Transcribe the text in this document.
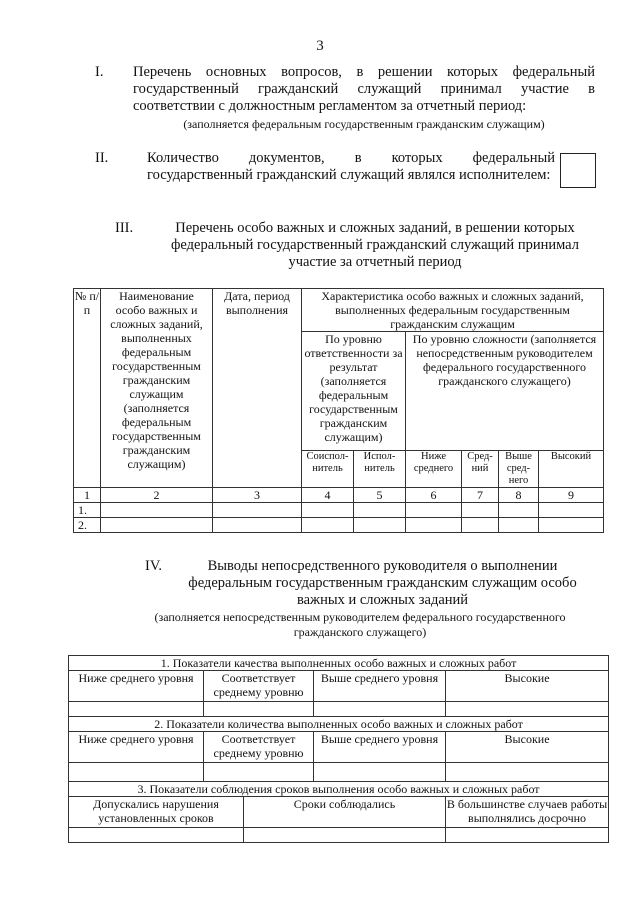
3
I. Перечень основных вопросов, в решении которых федеральный государственный гражданский служащий принимал участие в соответствии с должностным регламентом за отчетный период:
(заполняется федеральным государственным гражданским служащим)
II.	Количество документов, в которых федеральный государственный гражданский служащий являлся исполнителем:
III.	Перечень особо важных и сложных заданий, в решении которых федеральный государственный гражданский служащий принимал участие за отчетный период
№ п/п	Наименование особо важных и сложных заданий, выполненных федеральным государственным гражданским служащим (заполняется федеральным государственным гражданским служащим)	Дата, период выполнения	Характеристика особо важных и сложных заданий, выполненных федеральным государственным гражданским служащим					
			По уровню ответственности за результат (заполняется федеральным государственным гражданским служащим)		По уровню сложности (заполняется непосредственным руководителем федерального государственного гражданского служащего)			
			Соиспол-нитель	Испол-нитель	Ниже среднего	Сред-ний	Выше сред-него	Высокий
1	2	3	4	5	6	7	8	9
1.								
2.								
IV.	Выводы непосредственного руководителя о выполнении федеральным государственным гражданским служащим особо важных и сложных заданий
(заполняется непосредственным руководителем федерального государственного гражданского служащего)
1. Показатели качества выполненных особо важных и сложных работ				
Ниже среднего уровня	Соответствует среднему уровню		Выше среднего уровня	Высокие

2. Показатели количества выполненных особо важных и сложных работ				
Ниже среднего уровня	Соответствует среднему уровню		Выше среднего уровня	Высокие

3. Показатели соблюдения сроков выполнения особо важных и сложных работ				
Допускались нарушения установленных сроков		Сроки соблюдались		В большинстве случаев работы выполнялись досрочно
